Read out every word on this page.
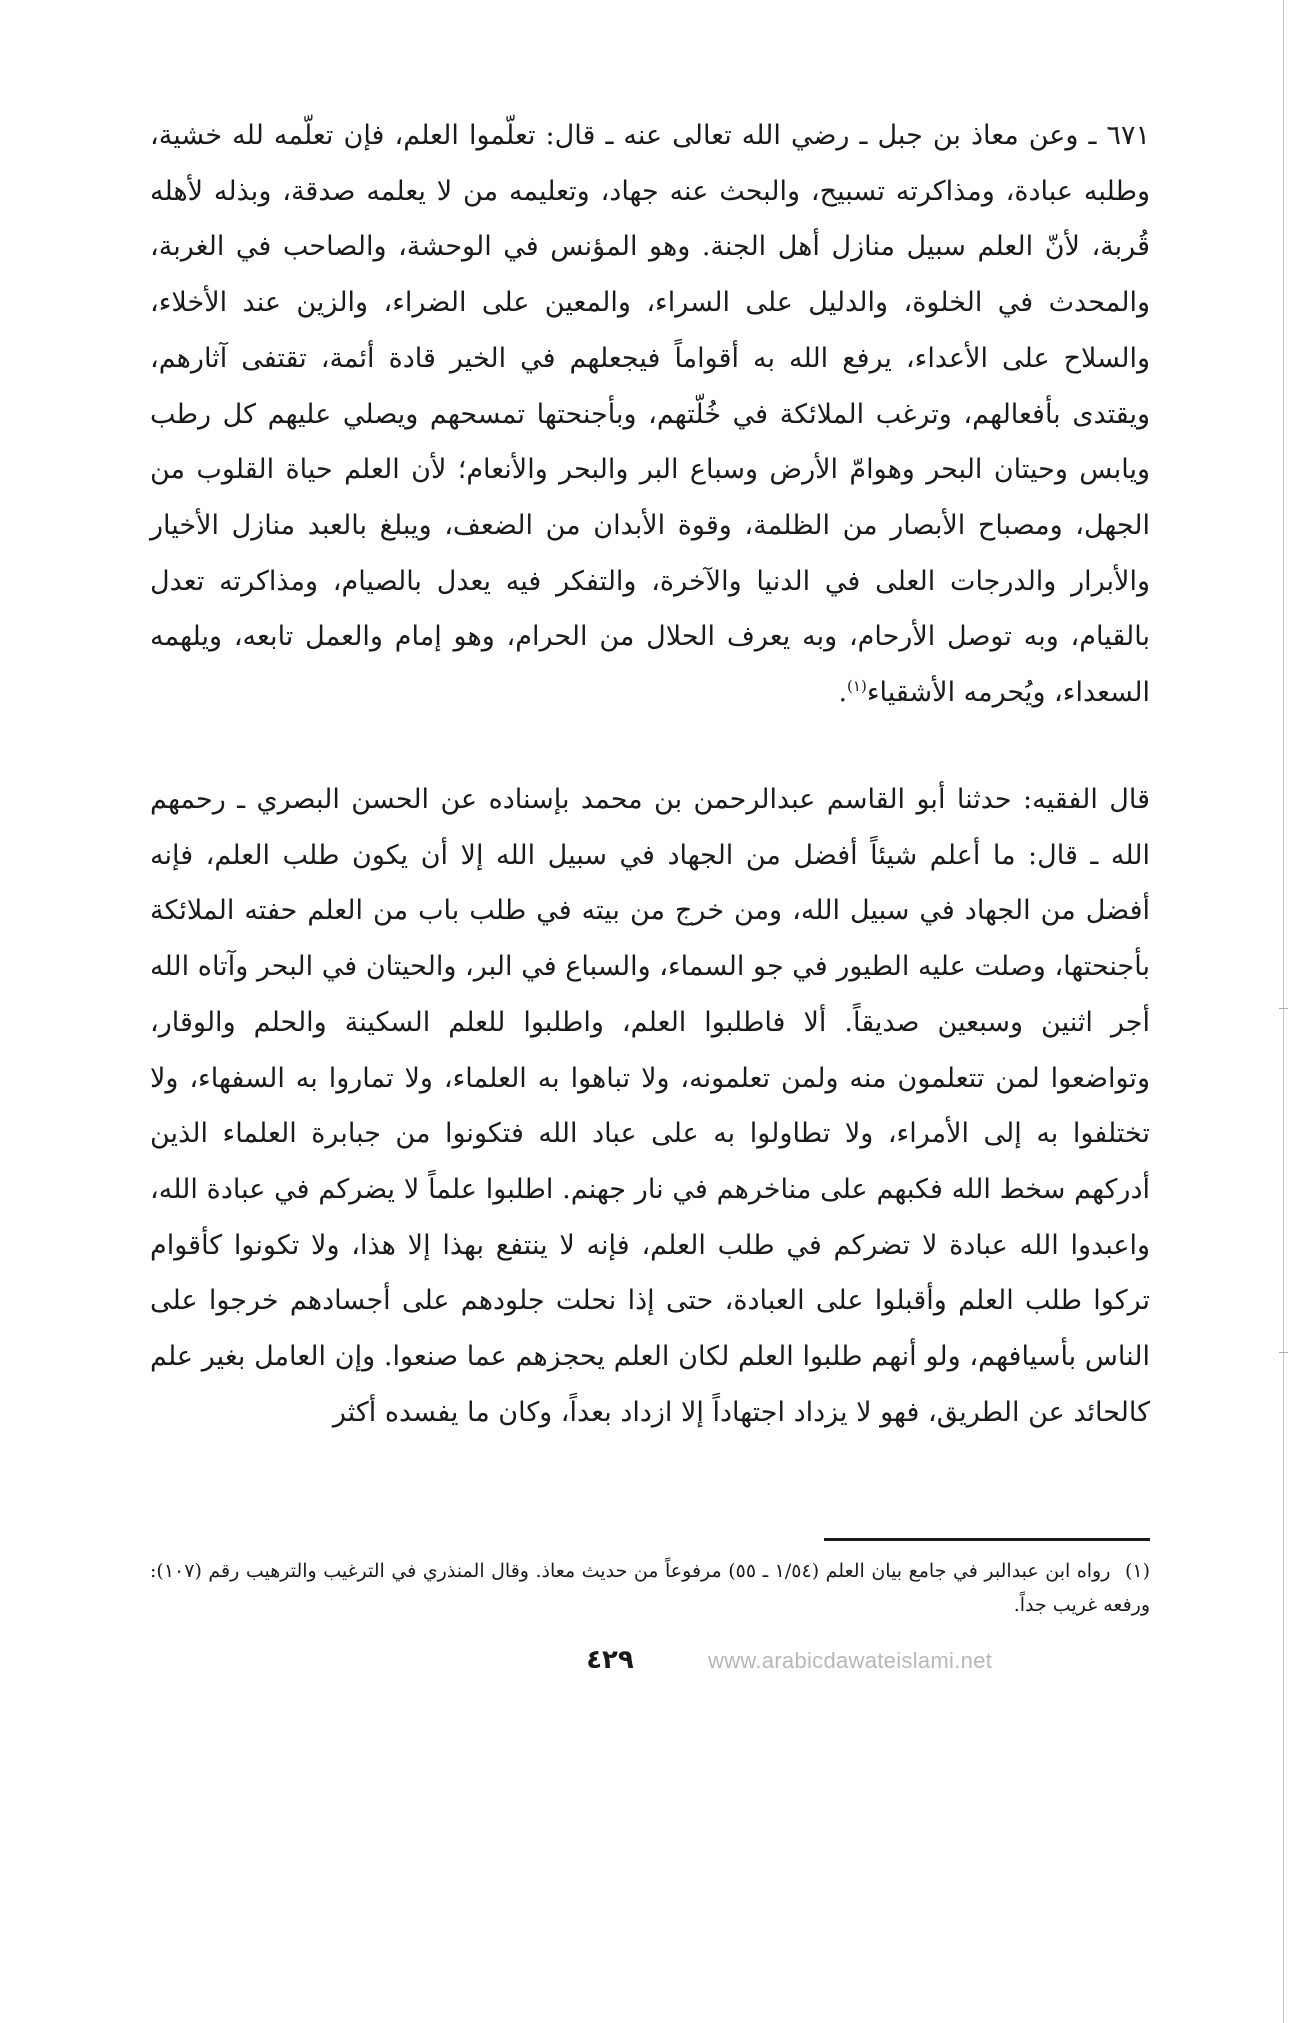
٦٧١ ـ وعن معاذ بن جبل ـ رضي الله تعالى عنه ـ قال: تعلّموا العلم، فإن تعلّمه لله خشية، وطلبه عبادة، ومذاكرته تسبيح، والبحث عنه جهاد، وتعليمه من لا يعلمه صدقة، وبذله لأهله قُربة، لأنّ العلم سبيل منازل أهل الجنة. وهو المؤنس في الوحشة، والصاحب في الغربة، والمحدث في الخلوة، والدليل على السراء، والمعين على الضراء، والزين عند الأخلاء، والسلاح على الأعداء، يرفع الله به أقواماً فيجعلهم في الخير قادة أئمة، تقتفى آثارهم، ويقتدى بأفعالهم، وترغب الملائكة في خُلّتهم، وبأجنحتها تمسحهم ويصلي عليهم كل رطب ويابس وحيتان البحر وهوامّ الأرض وسباع البر والبحر والأنعام؛ لأن العلم حياة القلوب من الجهل، ومصباح الأبصار من الظلمة، وقوة الأبدان من الضعف، ويبلغ بالعبد منازل الأخيار والأبرار والدرجات العلى في الدنيا والآخرة، والتفكر فيه يعدل بالصيام، ومذاكرته تعدل بالقيام، وبه توصل الأرحام، وبه يعرف الحلال من الحرام، وهو إمام والعمل تابعه، ويلهمه السعداء، ويُحرمه الأشقياء$^{(١)}$.

قال الفقيه: حدثنا أبو القاسم عبدالرحمن بن محمد بإسناده عن الحسن البصري ـ رحمهم الله ـ قال: ما أعلم شيئاً أفضل من الجهاد في سبيل الله إلا أن يكون طلب العلم، فإنه أفضل من الجهاد في سبيل الله، ومن خرج من بيته في طلب باب من العلم حفته الملائكة بأجنحتها، وصلت عليه الطيور في جو السماء، والسباع في البر، والحيتان في البحر وآتاه الله أجر اثنين وسبعين صديقاً. ألا فاطلبوا العلم، واطلبوا للعلم السكينة والحلم والوقار، وتواضعوا لمن تتعلمون منه ولمن تعلمونه، ولا تباهوا به العلماء، ولا تماروا به السفهاء، ولا تختلفوا به إلى الأمراء، ولا تطاولوا به على عباد الله فتكونوا من جبابرة العلماء الذين أدركهم سخط الله فكبهم على مناخرهم في نار جهنم. اطلبوا علماً لا يضركم في عبادة الله، واعبدوا الله عبادة لا تضركم في طلب العلم، فإنه لا ينتفع بهذا إلا هذا، ولا تكونوا كأقوام تركوا طلب العلم وأقبلوا على العبادة، حتى إذا نحلت جلودهم على أجسادهم خرجوا على الناس بأسيافهم، ولو أنهم طلبوا العلم لكان العلم يحجزهم عما صنعوا. وإن العامل بغير علم كالحائد عن الطريق، فهو لا يزداد اجتهاداً إلا ازداد بعداً، وكان ما يفسده أكثر

(١) رواه ابن عبدالبر في جامع بيان العلم (١/٥٤ ـ ٥٥) مرفوعاً من حديث معاذ. وقال المنذري في الترغيب والترهيب رقم (١٠٧): ورفعه غريب جداً.
٤٢٩	www.arabicdawateislami.net
